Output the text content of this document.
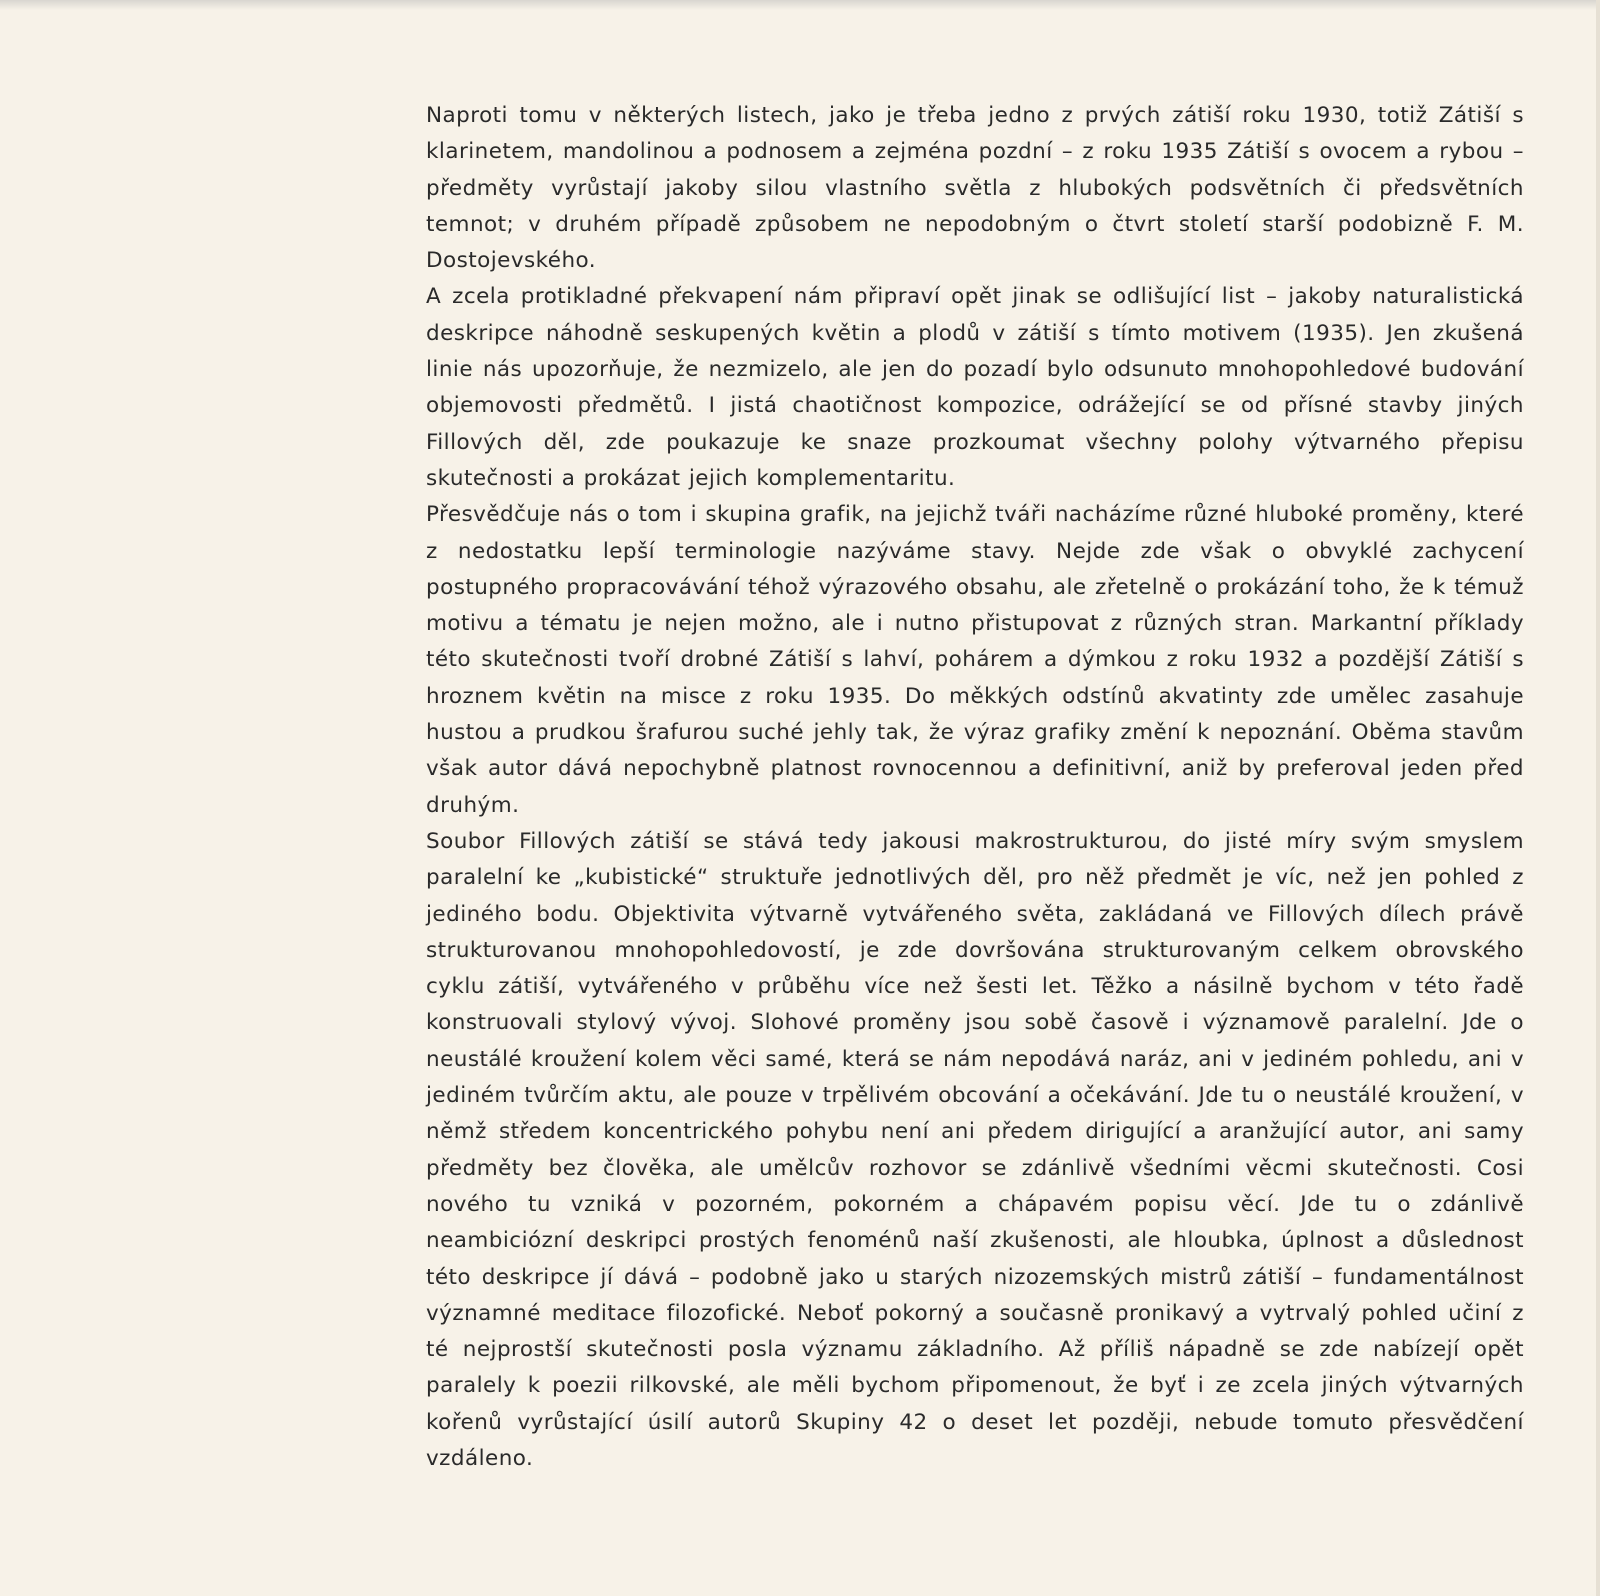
Naproti tomu v některých listech, jako je třeba jedno z prvých zátiší roku 1930, totiž Zátiší s klarinetem, mandolinou a podnosem a zejména pozdní – z roku 1935 Zátiší s ovocem a rybou – předměty vyrůstají jakoby silou vlastního světla z hlubokých podsvětních či předsvětních temnot; v druhém případě způsobem ne nepodobným o čtvrt století starší podobizně F. M. Dostojevského.

A zcela protikladné překvapení nám připraví opět jinak se odlišující list – jakoby naturalistická deskripce náhodně seskupených květin a plodů v zátiší s tímto motivem (1935). Jen zkušená linie nás upozorňuje, že nezmizelo, ale jen do pozadí bylo odsunuto mnohopohledové budování objemovosti předmětů. I jistá chaotičnost kompozice, odrážející se od přísné stavby jiných Fillových děl, zde poukazuje ke snaze prozkoumat všechny polohy výtvarného přepisu skutečnosti a prokázat jejich komplementaritu.

Přesvědčuje nás o tom i skupina grafik, na jejichž tváři nacházíme různé hluboké proměny, které z nedostatku lepší terminologie nazýváme stavy. Nejde zde však o obvyklé zachycení postupného propracovávání téhož výrazového obsahu, ale zřetelně o prokázání toho, že k témuž motivu a tématu je nejen možno, ale i nutno přistupovat z různých stran. Markantní příklady této skutečnosti tvoří drobné Zátiší s lahví, pohárem a dýmkou z roku 1932 a pozdější Zátiší s hroznem květin na misce z roku 1935. Do měkkých odstínů akvatinty zde umělec zasahuje hustou a prudkou šrafurou suché jehly tak, že výraz grafiky změní k nepoznání. Oběma stavům však autor dává nepochybně platnost rovnocennou a definitivní, aniž by preferoval jeden před druhým.

Soubor Fillových zátiší se stává tedy jakousi makrostrukturou, do jisté míry svým smyslem paralelní ke „kubistické“ struktuře jednotlivých děl, pro něž předmět je víc, než jen pohled z jediného bodu. Objektivita výtvarně vytvářeného světa, zakládaná ve Fillových dílech právě strukturovanou mnohopohledovostí, je zde dovršována strukturovaným celkem obrovského cyklu zátiší, vytvářeného v průběhu více než šesti let. Těžko a násilně bychom v této řadě konstruovali stylový vývoj. Slohové proměny jsou sobě časově i významově paralelní. Jde o neustálé kroužení kolem věci samé, která se nám nepodává naráz, ani v jediném pohledu, ani v jediném tvůrčím aktu, ale pouze v trpělivém obcování a očekávání. Jde tu o neustálé kroužení, v němž středem koncentrického pohybu není ani předem dirigující a aranžující autor, ani samy předměty bez člověka, ale umělcův rozhovor se zdánlivě všedními věcmi skutečnosti. Cosi nového tu vzniká v pozorném, pokorném a chápavém popisu věcí. Jde tu o zdánlivě neambiciózní deskripci prostých fenoménů naší zkušenosti, ale hloubka, úplnost a důslednost této deskripce jí dává – podobně jako u starých nizozemských mistrů zátiší – fundamentálnost významné meditace filozofické. Neboť pokorný a současně pronikavý a vytrvalý pohled učiní z té nejprostší skutečnosti posla významu základního. Až příliš nápadně se zde nabízejí opět paralely k poezii rilkovské, ale měli bychom připomenout, že byť i ze zcela jiných výtvarných kořenů vyrůstající úsilí autorů Skupiny 42 o deset let později, nebude tomuto přesvědčení vzdáleno.
